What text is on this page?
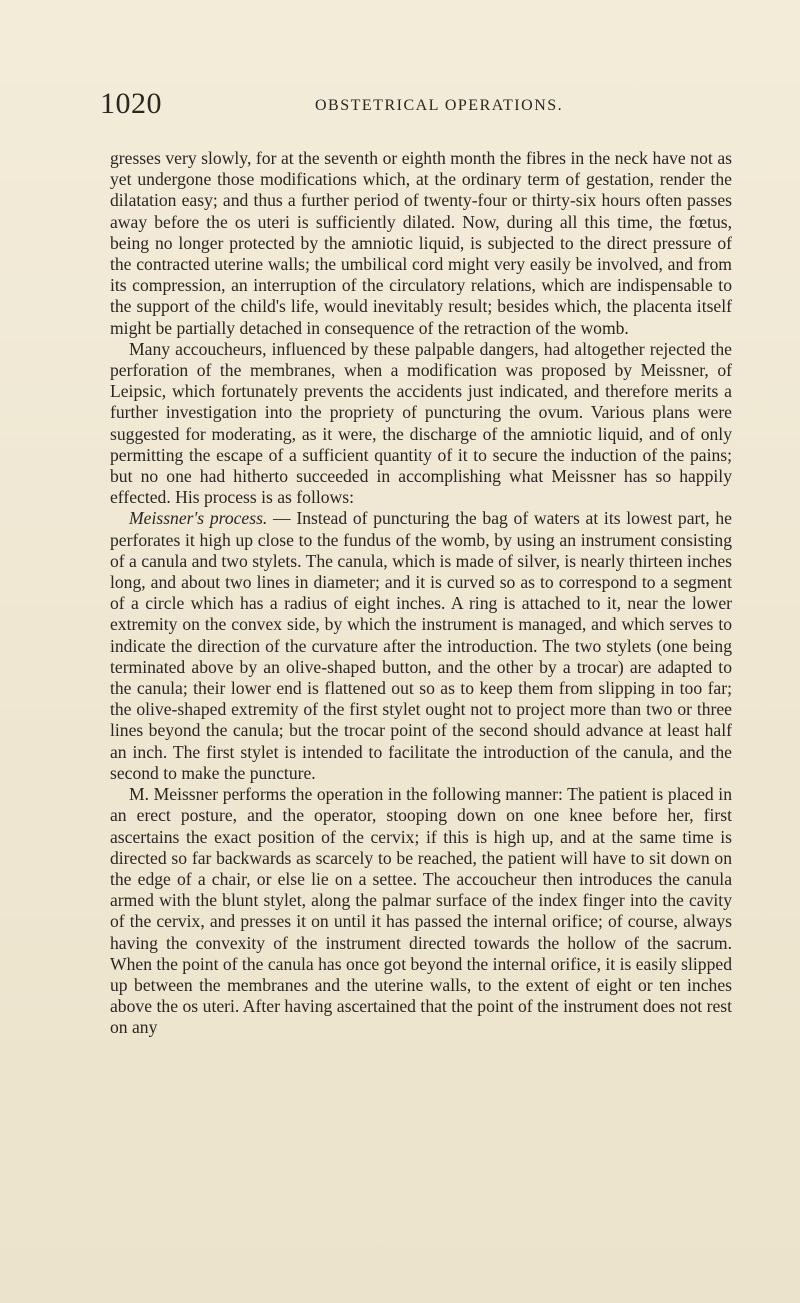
1020	OBSTETRICAL OPERATIONS.

gresses very slowly, for at the seventh or eighth month the fibres in the neck have not as yet undergone those modifications which, at the ordinary term of gestation, render the dilatation easy; and thus a further period of twenty-four or thirty-six hours often passes away before the os uteri is sufficiently dilated. Now, during all this time, the fœtus, being no longer protected by the amniotic liquid, is subjected to the direct pressure of the contracted uterine walls; the umbilical cord might very easily be involved, and from its compression, an interruption of the circulatory relations, which are indispensable to the support of the child's life, would inevitably result; besides which, the placenta itself might be partially detached in consequence of the retraction of the womb.

Many accoucheurs, influenced by these palpable dangers, had altogether rejected the perforation of the membranes, when a modification was proposed by Meissner, of Leipsic, which fortunately prevents the accidents just indicated, and therefore merits a further investigation into the propriety of puncturing the ovum. Various plans were suggested for moderating, as it were, the discharge of the amniotic liquid, and of only permitting the escape of a sufficient quantity of it to secure the induction of the pains; but no one had hitherto succeeded in accomplishing what Meissner has so happily effected. His process is as follows:

Meissner's process. — Instead of puncturing the bag of waters at its lowest part, he perforates it high up close to the fundus of the womb, by using an instrument consisting of a canula and two stylets. The canula, which is made of silver, is nearly thirteen inches long, and about two lines in diameter; and it is curved so as to correspond to a segment of a circle which has a radius of eight inches. A ring is attached to it, near the lower extremity on the convex side, by which the instrument is managed, and which serves to indicate the direction of the curvature after the introduction. The two stylets (one being terminated above by an olive-shaped button, and the other by a trocar) are adapted to the canula; their lower end is flattened out so as to keep them from slipping in too far; the olive-shaped extremity of the first stylet ought not to project more than two or three lines beyond the canula; but the trocar point of the second should advance at least half an inch. The first stylet is intended to facilitate the introduction of the canula, and the second to make the puncture.

M. Meissner performs the operation in the following manner: The patient is placed in an erect posture, and the operator, stooping down on one knee before her, first ascertains the exact position of the cervix; if this is high up, and at the same time is directed so far backwards as scarcely to be reached, the patient will have to sit down on the edge of a chair, or else lie on a settee. The accoucheur then introduces the canula armed with the blunt stylet, along the palmar surface of the index finger into the cavity of the cervix, and presses it on until it has passed the internal orifice; of course, always having the convexity of the instrument directed towards the hollow of the sacrum. When the point of the canula has once got beyond the internal orifice, it is easily slipped up between the membranes and the uterine walls, to the extent of eight or ten inches above the os uteri. After having ascertained that the point of the instrument does not rest on any
